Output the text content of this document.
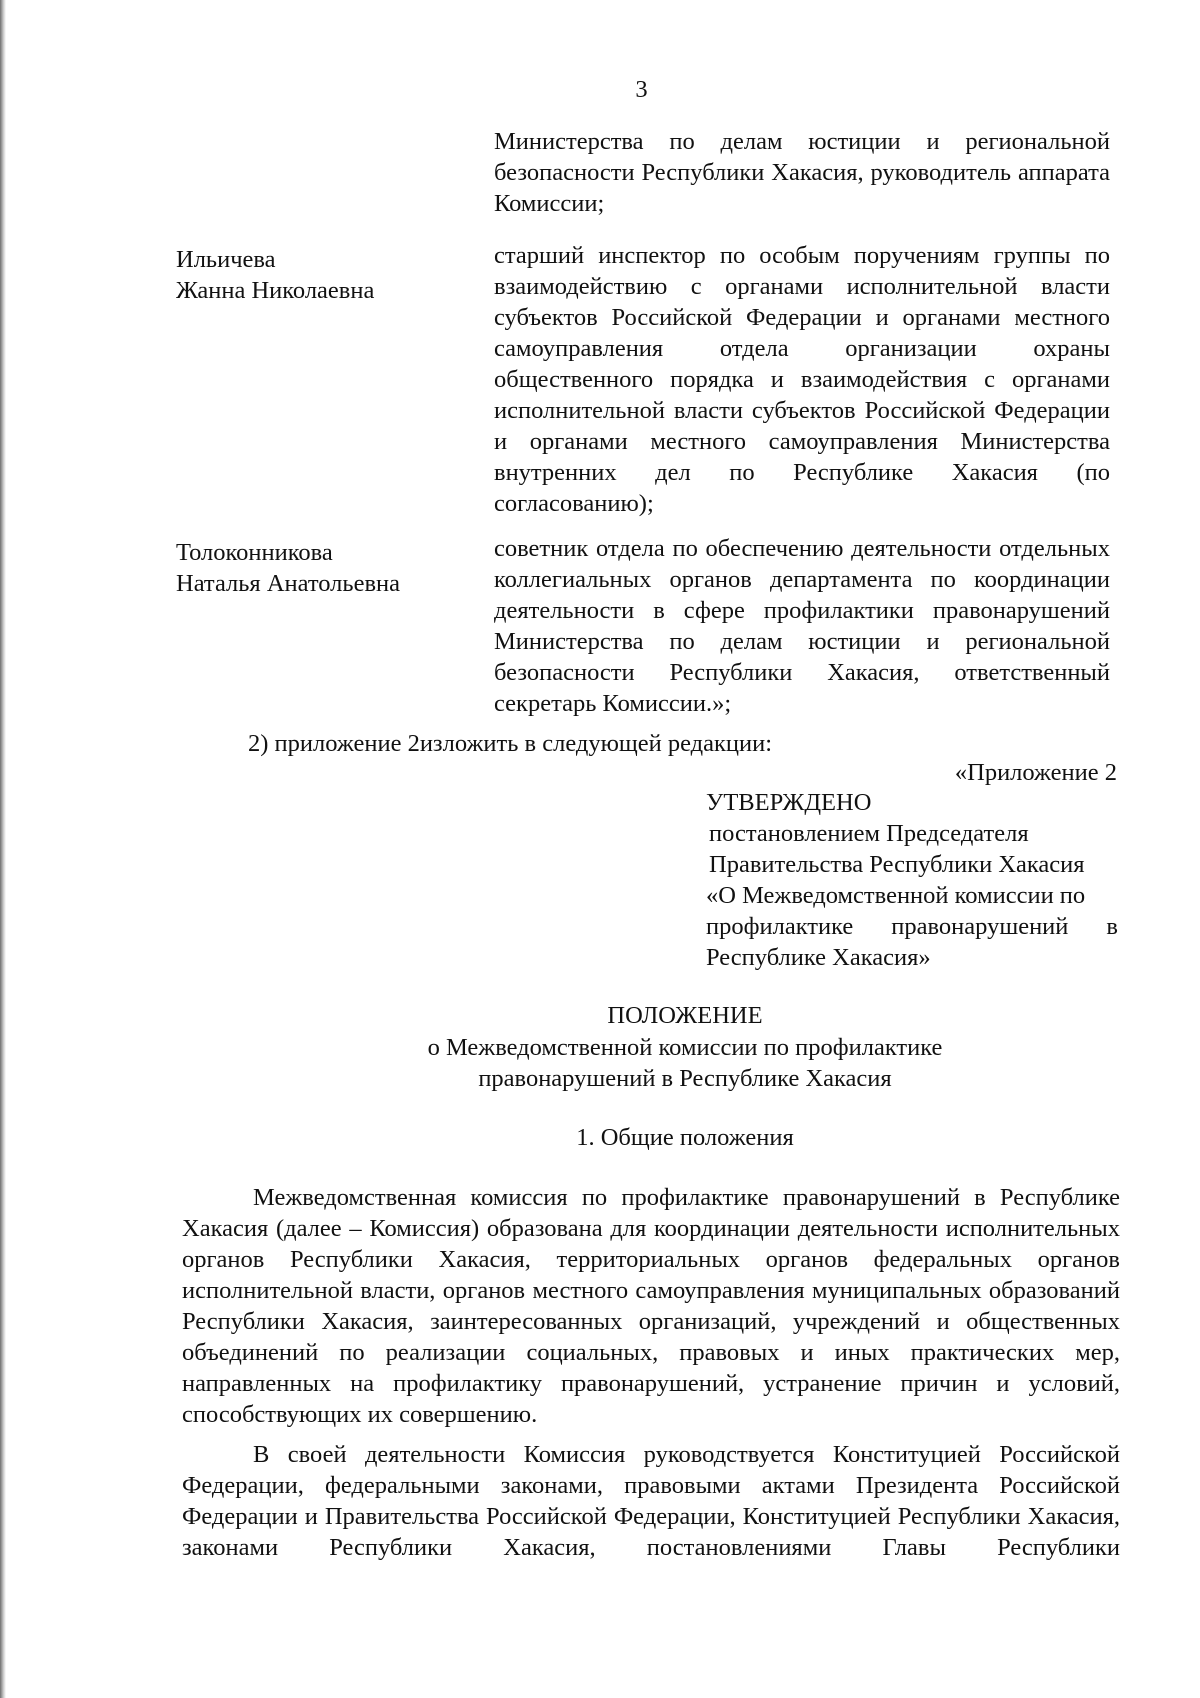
3
Министерства по делам юстиции и региональной безопасности Республики Хакасия, руководитель аппарата Комиссии;
Ильичева
Жанна Николаевна
старший инспектор по особым поручениям группы по взаимодействию с органами исполнительной власти субъектов Российской Федерации и органами местного самоуправления отдела организации охраны общественного порядка и взаимодействия с органами исполнительной власти субъектов Российской Федерации и органами местного самоуправления Министерства внутренних дел по Республике Хакасия (по согласованию);
Толоконникова
Наталья Анатольевна
советник отдела по обеспечению деятельности отдельных коллегиальных органов департамента по координации деятельности в сфере профилактики правонарушений Министерства по делам юстиции и региональной безопасности Республики Хакасия, ответственный секретарь Комиссии.»;
2) приложение 2изложить в следующей редакции:
«Приложение 2
УТВЕРЖДЕНО
постановлением Председателя
Правительства Республики Хакасия
«О Межведомственной комиссии по
профилактике правонарушений в
Республике Хакасия»
ПОЛОЖЕНИЕ
о Межведомственной комиссии по профилактике
правонарушений в Республике Хакасия
1. Общие положения

Межведомственная комиссия по профилактике правонарушений в Республике Хакасия (далее – Комиссия) образована для координации деятельности исполнительных органов Республики Хакасия, территориальных органов федеральных органов исполнительной власти, органов местного самоуправления муниципальных образований Республики Хакасия, заинтересованных организаций, учреждений и общественных объединений по реализации социальных, правовых и иных практических мер, направленных на профилактику правонарушений, устранение причин и условий, способствующих их совершению.

В своей деятельности Комиссия руководствуется Конституцией Российской Федерации, федеральными законами, правовыми актами Президента Российской Федерации и Правительства Российской Федерации, Конституцией Республики Хакасия, законами Республики Хакасия, постановлениями Главы Республики
